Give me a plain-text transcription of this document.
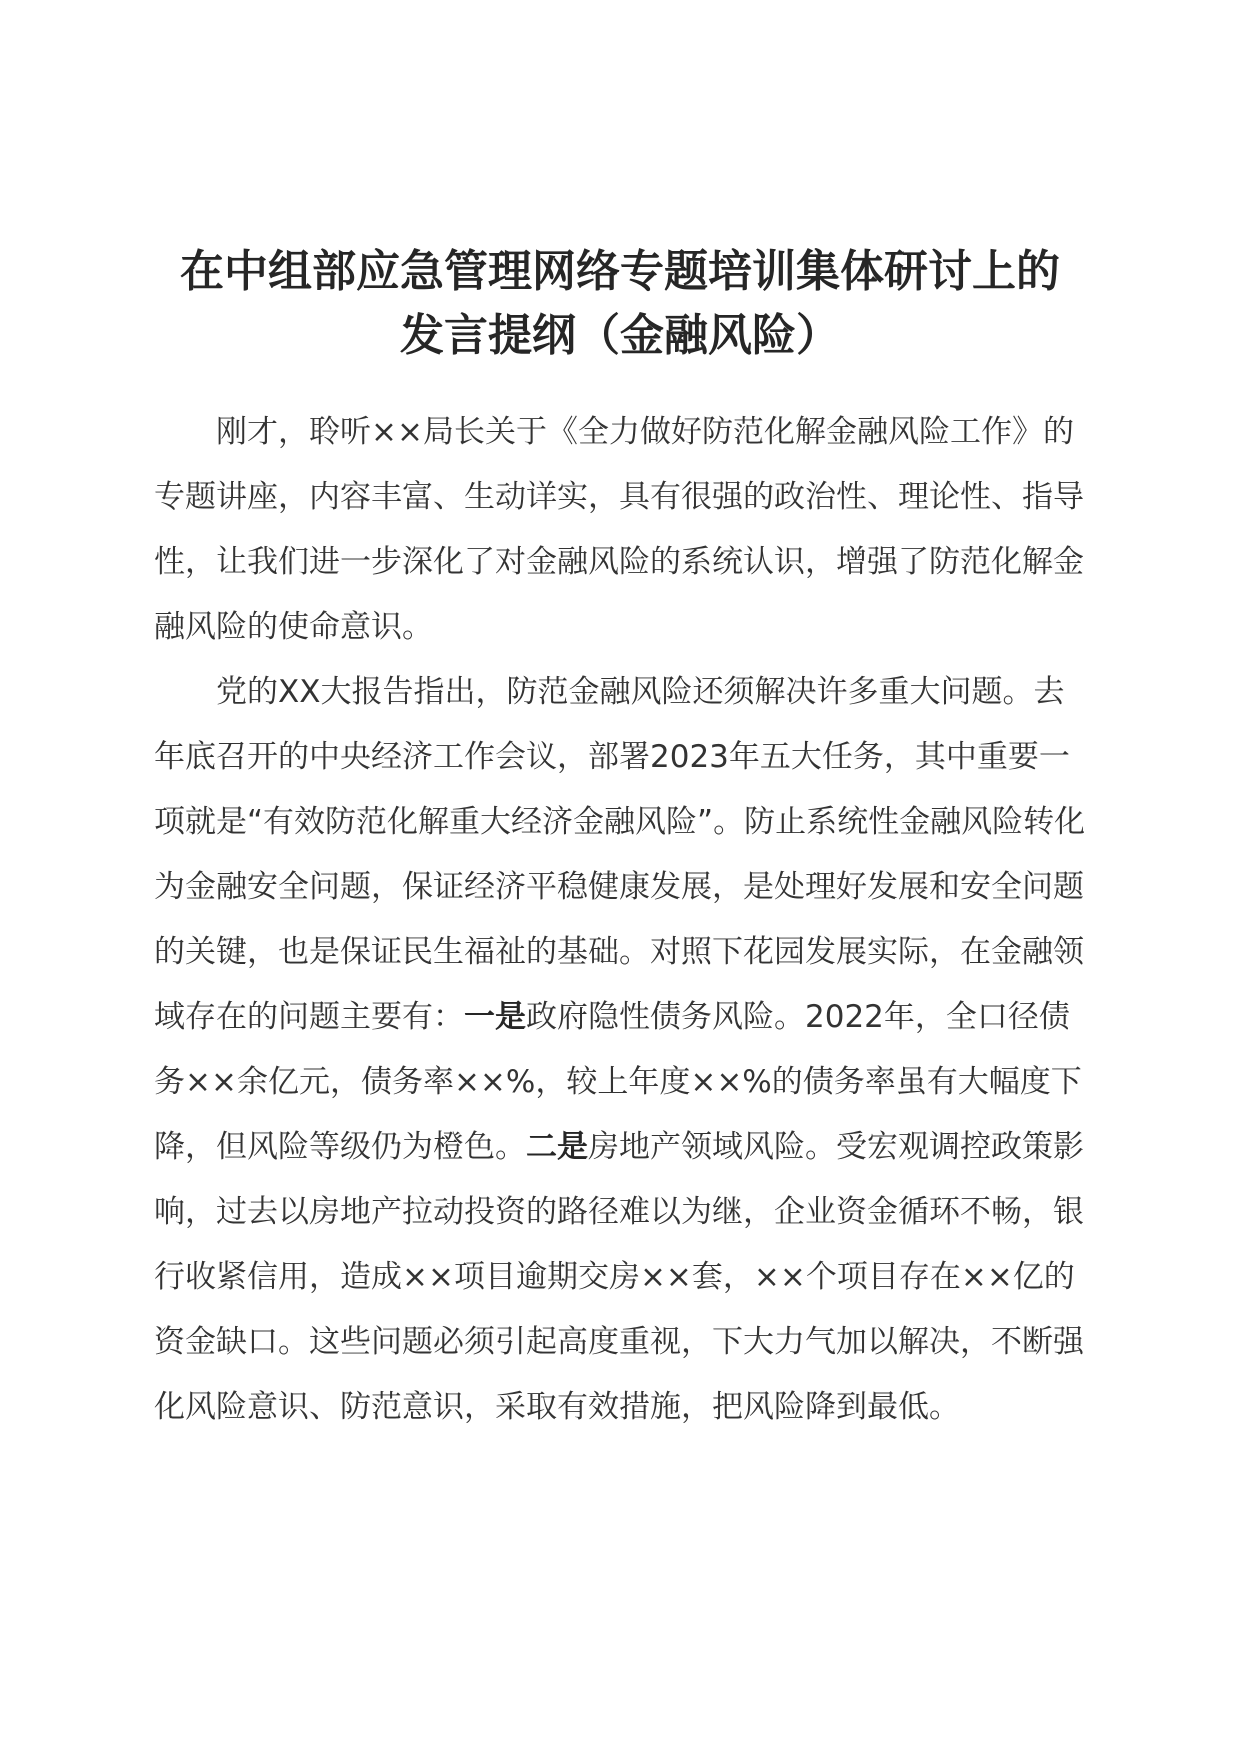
在中组部应急管理网络专题培训集体研讨上的
发言提纲（金融风险）

刚才，聆听××局长关于《全力做好防范化解金融风险工作》的专题讲座，内容丰富、生动详实，具有很强的政治性、理论性、指导性，让我们进一步深化了对金融风险的系统认识，增强了防范化解金融风险的使命意识。

党的XX大报告指出，防范金融风险还须解决许多重大问题。去年底召开的中央经济工作会议，部署2023年五大任务，其中重要一项就是“有效防范化解重大经济金融风险”。防止系统性金融风险转化为金融安全问题，保证经济平稳健康发展，是处理好发展和安全问题的关键，也是保证民生福祉的基础。对照下花园发展实际，在金融领域存在的问题主要有：一是政府隐性债务风险。2022年，全口径债务××余亿元，债务率××%，较上年度××%的债务率虽有大幅度下降，但风险等级仍为橙色。二是房地产领域风险。受宏观调控政策影响，过去以房地产拉动投资的路径难以为继，企业资金循环不畅，银行收紧信用，造成××项目逾期交房××套，××个项目存在××亿的资金缺口。这些问题必须引起高度重视，下大力气加以解决，不断强化风险意识、防范意识，采取有效措施，把风险降到最低。
